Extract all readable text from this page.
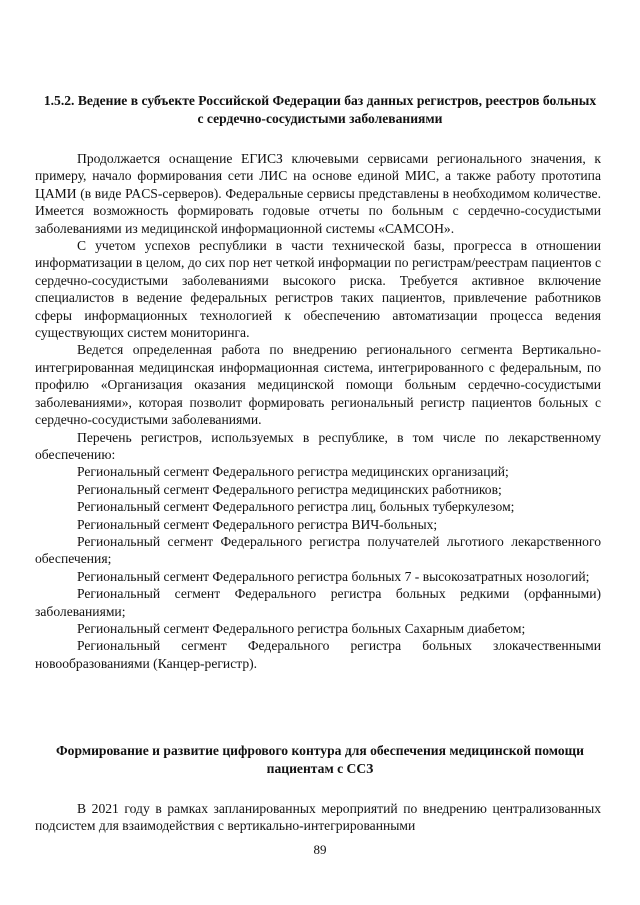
1.5.2. Ведение в субъекте Российской Федерации баз данных регистров, реестров больных с сердечно-сосудистыми заболеваниями

Продолжается оснащение ЕГИСЗ ключевыми сервисами регионального значения, к примеру, начало формирования сети ЛИС на основе единой МИС, а также работу прототипа ЦАМИ (в виде PACS-серверов). Федеральные сервисы представлены в необходимом количестве. Имеется возможность формировать годовые отчеты по больным с сердечно-сосудистыми заболеваниями из медицинской информационной системы «САМСОН».

С учетом успехов республики в части технической базы, прогресса в отношении информатизации в целом, до сих пор нет четкой информации по регистрам/реестрам пациентов с сердечно-сосудистыми заболеваниями высокого риска. Требуется активное включение специалистов в ведение федеральных регистров таких пациентов, привлечение работников сферы информационных технологией к обеспечению автоматизации процесса ведения существующих систем мониторинга.

Ведется определенная работа по внедрению регионального сегмента Вертикально-интегрированная медицинская информационная система, интегрированного с федеральным, по профилю «Организация оказания медицинской помощи больным сердечно-сосудистыми заболеваниями», которая позволит формировать региональный регистр пациентов больных с сердечно-сосудистыми заболеваниями.

Перечень регистров, используемых в республике, в том числе по лекарственному обеспечению:

Региональный сегмент Федерального регистра медицинских организаций;

Региональный сегмент Федерального регистра медицинских работников;

Региональный сегмент Федерального регистра лиц, больных туберкулезом;

Региональный сегмент Федерального регистра ВИЧ-больных;

Региональный сегмент Федерального регистра получателей льготиого лекарственного обеспечения;

Региональный сегмент Федерального регистра больных 7 - высокозатратных нозологий;

Региональный сегмент Федерального регистра больных редкими (орфанными) заболеваниями;

Региональный сегмент Федерального регистра больных Сахарным диабетом;

Региональный сегмент Федерального регистра больных злокачественными новообразованиями (Канцер-регистр).

Формирование и развитие цифрового контура для обеспечения медицинской помощи пациентам с ССЗ

В 2021 году в рамках запланированных мероприятий по внедрению централизованных подсистем для взаимодействия с вертикально-интегрированными

89
